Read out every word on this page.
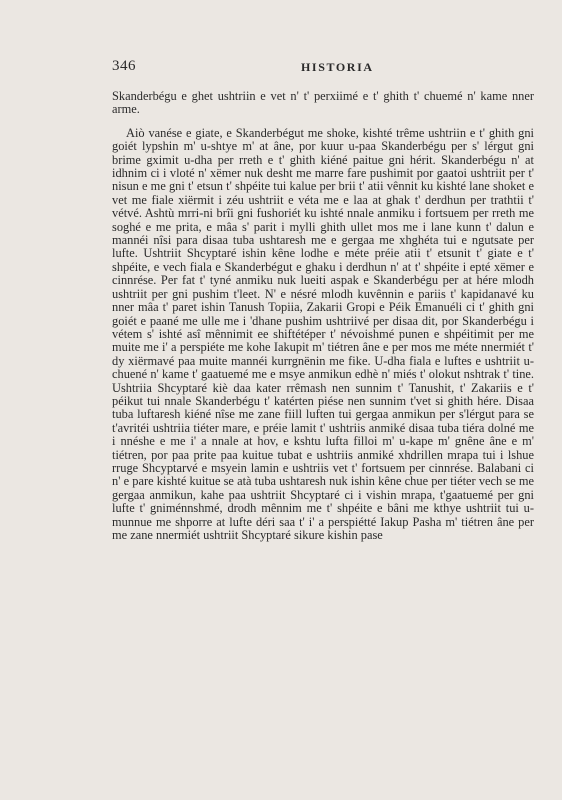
346	HISTORIA

Skanderbégu e ghet ushtriin e vet n' t' perxiimé e t' ghith t' chuemé n' kame nner arme.

Aiò vanése e giate, e Skanderbégut me shoke, kishté trême ushtriin e t' ghith gni goiét lypshin m' u-shtye m' at âne, por kuur u-paa Skanderbégu per s' lérgut gni brime gximit u-dha per rreth e t' ghith kiéné paitue gni hérit. Skanderbégu n' at idhnim ci i vloté n' xëmer nuk desht me marre fare pushimit por gaatoi ushtriit per t' nisun e me gni t' etsun t' shpéite tui kalue per brii t' atii vênnit ku kishté lane shoket e vet me fiale xiërmit i zéu ushtriit e véta me e laa at ghak t' derdhun per trathtii t' vétvé. Ashtù mrri-ni brîi gni fushoriét ku ishté nnale anmiku i fortsuem per rreth me soghé e me prita, e mâa s' parit i mylli ghith ullet mos me i lane kunn t' dalun e mannéi nîsi para disaa tuba ushtaresh me e gergaa me xhghéta tui e ngutsate per lufte. Ushtriit Shcyptaré ishin kêne lodhe e méte préie atii t' etsunit t' giate e t' shpéite, e vech fiala e Skanderbégut e ghaku i derdhun n' at t' shpéite i epté xëmer e cinnrése. Per fat t' tyné anmiku nuk lueiti aspak e Skanderbégu per at hére mlodh ushtriit per gni pushim t'leet. N' e nésré mlodh kuvênnin e pariis t' kapidanavé ku nner mâa t' paret ishin Tanush Topiia, Zakarii Gropi e Péik Emanuéli ci t' ghith gni goiét e paané me ulle me i 'dhane pushim ushtriivé per disaa dit, por Skanderbégu i vétem s' ishté asî mênnimit ee shiftétéper t' névoishmé punen e shpéitimit per me muite me i' a perspiéte me kohe Iakupit m' tiétren âne e per mos me méte nnermiét t' dy xiërmavé paa muite mannéi kurrgnënin me fike. U-dha fiala e luftes e ushtriit u-chuené n' kame t' gaatuemé me e msye anmikun edhè n' miés t' olokut nshtrak t' tine. Ushtriia Shcyptaré kiè daa kater rrêmash nen sunnim t' Tanushit, t' Zakariis e t' péikut tui nnale Skanderbégu t' katérten piése nen sunnim t'vet si ghith hére. Disaa tuba luftaresh kiéné nîse me zane fiill luften tui gergaa anmikun per s'lérgut para se t'avritéi ushtriia tiéter mare, e préie lamit t' ushtriis anmiké disaa tuba tiéra dolné me i nnéshe e me i' a nnale at hov, e kshtu lufta filloi m' u-kape m' gnêne âne e m' tiétren, por paa prite paa kuitue tubat e ushtriis anmiké xhdrillen mrapa tui i lshue rruge Shcyptarvé e msyein lamin e ushtriis vet t' fortsuem per cinnrése. Balabani ci n' e pare kishté kuitue se atà tuba ushtaresh nuk ishin kêne chue per tiéter vech se me gergaa anmikun, kahe paa ushtriit Shcyptaré ci i vishin mrapa, t'gaatuemé per gni lufte t' gniménnshmé, drodh mênnim me t' shpéite e bâni me kthye ushtriit tui u-munnue me shporre at lufte déri saa t' i' a perspiétté Iakup Pasha m' tiétren âne per me zane nnermiét ushtriit Shcyptaré sikure kishin pase
